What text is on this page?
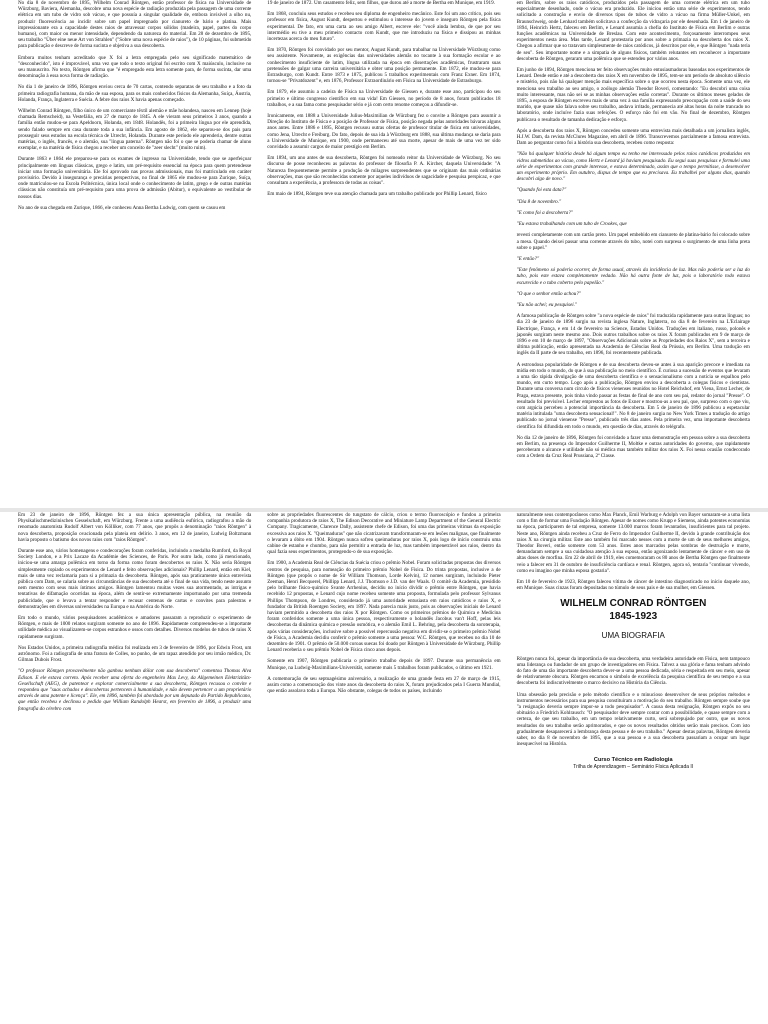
No dia 8 de novembro de 1895, Wilhelm Conrad Röntgen, então professor de física na Universidade de Würzburg, Baviera, Alemanha, descobre uma nova espécie de radiação produzida pela passagem de uma corrente elétrica em um tubo de vidro sob vácuo, e que possuía a singular qualidade de, embora invisível a olho nu, produzir fluorescência ao incidir sobre um papel impregnado por cianureto de bário e platina. Mais impressionante era a capacidade destes raios de atravessar corpos sólidos (madeira, papel, partes do corpo humano), com maior ou menor intensidade, dependendo da natureza do material. Em 28 de dezembro de 1895, seu trabalho "Über eine neue Art von Strahlen" ("Sobre uma nova espécie de raios"), de 10 páginas, foi submetido para publicação e descreve de forma sucinta e objetiva a sua descoberta.

Embora muitos tenham acreditado que X foi a letra empregada pelo seu significado matemático de "desconhecido", isto é improvável, uma vez que todo o texto original foi escrito com X maiúsculo, inclusive no seu manuscrito. No texto, Röntgen afirma que "é empregado esta letra somente para, de forma sucinta, dar uma denominação à essa nova forma de radiação.

No dia 1 de janeiro de 1896, Röntgen enviou cerca de 70 cartas, contendo separatas de seu trabalho e a foto da primeira radiografia humana, da mão de sua esposa, para os mais conhecidos físicos da Alemanha, Suíça, Áustria, Holanda, França, Inglaterra e Suécia. A febre dos raios X havia apenas começado.

Wilhelm Conrad Röntgen, filho único de um comerciante têxtil alemão e mãe holandesa, nasceu em Lennep (hoje chamada Remscheid), na Vestefália, em 27 de março de 1845. A ele vieram seus primeiros 3 anos, quando a família então mudou-se para Apeldoorn, Holanda, em 1848. Holandês, foi a primeira língua por ele aprendida, sendo falado sempre em casa durante toda a sua infância. Em agosto de 1862, ele separou-se dos pais para prosseguir seus estudos na escola técnica de Utrecht, Holanda. Durante este período ele aprenderia, dentre outras matérias, o inglês, francês, e o alemão, sua "língua paterna". Röntgen não foi o que se poderia chamar de aluno exemplar, e na matéria de física chegou a receber um conceito de "zeer slecht" (muito ruim).

Durante 1863 e 1864 ele preparou-se para os exames de ingresso na Universidade, tendo que se aperfeiçoar principalmente em línguas clássicas, grego e latim, um pré-requisito essencial na época para quem pretendesse iniciar uma formação universitária. Ele foi aprovado nas provas admissionais, mas foi matriculado em caráter provisório. Devido à insegurança e precárias perspectivas, no final de 1865 ele mudou-se para Zurique, Suíça, onde matriculou-se na Escola Politécnica, única local onde o conhecimento de latim, grego e de outras matérias clássicas não constituía um pré-requisito para uma prova de admissão (Abitur), o equivalente ao vestibular de nossos dias.

No ano de sua chegada em Zurique, 1866, ele conheceu Anna Bertha Ludwig, com quem se casou em

19 de janeiro de 1872. Um casamento feliz, sem filhos, que durou até a morte de Bertha em Munique, em 1919.

Em 1868, concluiu seus estudos e recebeu seu diploma de engenheiro mecânico. Este foi um ano crítico, pois seu professor em física, August Kundt, despertou e estimulou o interesse do jovem e inseguro Röntgen pela física experimental. De fato, em uma carta ao seu amigo Albert, escreve ele: "você ainda lembra, de que por seu intermédio eu tive a meu primeiro contacto com Kundt, que me introduziu na física e dissipou as minhas incertezas acerca do meu futuro".

Em 1870, Röntgen foi convidado por seu mentor, August Kundt, para trabalhar na Universidade Würzburg como seu assistente. Novamente, as exigências das universidades alemãs no tocante à sua formação escolar e ao conhecimento insuficiente de latim, língua utilizada na época em dissertações acadêmicas, frustraram suas pretensões de galgar uma carreira universitária e obter uma posição permanente. Em 1872, ele mudou-se para Estrasburgo, com Kundt. Entre 1873 e 1875, publicou 5 trabalhos experimentais com Franz Exner. Em 1874, tornou-se "Privatdozent" e, em 1876, Professor Extraordinário em Física na Universidade de Estrasburgo.

Em 1879, ele assumiu a cadeira de Física na Universidade de Giessen e, durante esse ano, participou do seu primeiro e último congresso científico em sua vida! Em Giessen, no período de 8 anos, foram publicados 18 trabalhos, e a sua fama como pesquisador sério e já com certo renome começou a difundir-se.

Ironicamente, em 1888 a Universidade Julius-Maximilian de Würzburg fez o convite a Röntgen para assumir a Direção do Instituto de Física e a posição de Professor de Física, posição negada pelas autoridades bávaras alguns anos antes. Entre 1886 e 1895, Röntgen recusou outras ofertas de professor titular de física em universidades, como Jena, Utrecht e Freiburg. Do fato, depois de sua ida à Würzburg em 1888, sua última mudança se daria para a Universidade de Munique, em 1900, onde permaneceu até sua morte, apesar de mais de uma vez ter sido convidado a assumir cargos de maior prestígio em Berlim.

Em 1894, um ano antes de sua descoberta, Röntgen foi nomeado reitor da Universidade de Würzburg. No seu discurso de posse reconheceu as palavras do professor de filosofia P. A. Kircher, daquela Universidade: "A Natureza frequentemente permite a produção de milagres surpreendentes que se originam das mais ordinárias observações, mas que são reconhecidas somente por aqueles indivíduos de sagacidade e pesquisa perspicaz, e que consultam a experiência, a professora de todas as coisas".

Em maio de 1894, Röntgen teve sua atenção chamada para um trabalho publicado por Phillip Lenard, físico

em Berlim, sobre os raios catódicos, produzidos pela passagem de uma corrente elétrica em um tubo especialmente desenhado, onde o vácuo era produzido. Ele iniciou então uma série de experimentos, tendo solicitado a construção e envio de diversos tipos de tubos de vidro a vácuo na firma Müller-Unkel, em Braunschweig, onde Lenhard também solicitava a confecção da vidraçaria por ele desenhada. Em 1 de janeiro de 1894, Heinrich Hertz, faleceu em Berlim, e Lenard assumia a chefia do Instituto de Física em Berlim e outras funções acadêmicas na Universidade de Breslau. Com este acontecimento, forçosamente interrompeu seus experimentos nesta área. Mas tarde, Lenard protestaria por anos sobre a primazia na descoberta dos raios X. Chegou a afirmar que so tratavam simplesmente de raios catódicos, já descritos por ele, e que Röntgen "nada teria de seu". Seu importante nome e a simpatia de alguns físicos, também relutantes em reconhecer a importante descoberta de Röntgen, geraram uma polêmica que se estendeu por vários anos.

Em junho de 1894, Röntgen menciona ter feito observações muito entusiasmadoras baseadas nos experimentos de Lenard. Desde então e até a descoberta dos raios X em novembro de 1895, tem-se um período de absoluto silêncio e mistério, pois não há qualquer menção mais específica sobre o que ocorreu nesta época. Somente uma vez, ele menciona seu trabalho ao seu amigo, o zoólogo alemão Theodor Boveri, comentando: "Eu descobri uma coisa muito interessante, mas não sei se as minhas observações estão corretas". Durante os últimos meses gelados de 1895, a esposa de Röntgen escreveu mais de uma vez à sua família expressando preocupação com a saúde do seu marido, que quase não falava sobre seu trabalho, andava irritado, permanecia até altas horas da noite trancado no laboratório, onde incluíve fazia suas refeições. O esforço não foi em vão. No final de dezembro, Röntgen publicava o resultado de tamanha dedicação e esforço.

Após a descoberta dos raios X, Röntgen concedeu somente uma entrevista mais detalhada a um jornalista inglês, H.J.W. Dam, da revista McClures Magazine, em abril de 1896. Transcrevemos parcialmente a famosa entrevista. Dam ao perguntar como foi a história sua descoberta, recebeu como resposta:

"Não há qualquer história desde há algum tempo eu tenho me interessado pelos raios catódicos produzidos em vidros submetidos ao vácuo, como Hertz e Lenard já haviam pesquisado. Eu segui suas pesquisas e formulei uma série de experimentos com grande interesse, e estava determinado, assim que o tempo permitisse, a desenvolver um experimento próprio. Em outubro, dispus de tempo que eu precisava. Eu trabalhei por alguns dias, quando descobri algo de novo."

"Quando foi esta data?"

"Dia 8 de novembro."

"E como foi a descoberta?"

"Eu estava trabalhando com um tubo de Crookes, que

revesti completamente com um cartão preto. Um papel embebido em cianureto de platina-bário foi colocado sobre a mesa. Quando deixei passar uma corrente através do tubo, notei com surpresa o surgimento de uma linha preta sobre o papel."

"E então?"

"Este fenômeno só poderia ocorrer, de forma usual, através da incidência de luz. Mas não poderia ser a luz do tubo, pois este estava completamente vedado. Não há outra fonte de luz, pois o laboratório todo estava escurecido e o tubo coberto pelo papelão."

"O que o senhor então achou?"

"Eu não achei; eu pesquisei."

A famosa publicação de Röntgen sobre "a nova espécie de raios" foi traduzida rapidamente para outras línguas; no dia 23 de janeiro de 1896 surgiu na revista inglesa Nature, Inglaterra, no dia 8 de fevereiro na L'Eclairage Electrique, França, e em 14 de fevereiro na Science, Estados Unidos. Traduções em italiano, russo, polonês e japonês surgiram neste mesmo ano. Dois outros trabalhos sobre os raios X foram publicados em 9 de março de 1896 e em 10 de março de 1897, "Observações Adicionais sobre as Propriedades dos Raios X", sem a terceira e última publicação, então apresentada na Academia de Ciências Real da Prússia, em Berlim. Uma tradução em inglês da II parte de seu trabalho, em 1896, foi recentemente publicada.

A estrondosa popularidade de Röntgen e de sua descoberta deveu-se antes à sua aparição precoce e imediata na mídia em todo o mundo, do que à sua publicação no meio científico. É curiosa a sucessão de eventos que levaram a uma tão rápida divulgação de uma descoberta científica e o sensacionalismo com a notícia se espalhou pelo mundo, em curto tempo. Logo após a publicação, Röntgen enviou a descoberta a colegas físicos e cientistas. Durante uma conversa num círculo de físicos vienenses reunidos no Hotel Reichshof, em Viena, Ernst Lecher, de Praga, estava presente, pois tinha vindo passar as festas de final de ano com seu pai, redator do jornal "Presse". O resultado foi previsível. Lecher emprestou as fotos de Exner e mostrou-as a seu pai, que, surpreso com o que viu, com argúcia percebeu a potencial importância da descoberta. Em 5 de janeiro de 1896 publicou a espetacular matéria intitulada "uma descoberta sensacional!". No 8 de janeiro surgia no New York Times a tradução do artigo publicado no jornal vienense "Presse", publicado três dias antes. Pela primeira vez, uma importante descoberta científica foi difundida em todo o mundo, em questão de dias, através do telégrafo.

No dia 12 de janeiro de 1896, Röntgen foi convidado a fazer uma demonstração em pessoa sobre a sua descoberta em Berlim, na presença do Imperador Guilherme II, Moltke e outras autoridades do governo, que rapidamente perceberam o alcance e utilidade não só médica mas também militar dos raios X. Foi nessa ocasião condecorado com a Ordem da Cruz Real Prussiana, 2ª Classe.

Em 23 de janeiro de 1896, Röntgen fez a sua única apresentação pública, na reunião da Physikalischmedizinischen Gesselschaft, em Würzburg. Frente a uma audiência eufórica, radiografou a mão do renomado anatomista Rudolf Albert von Kölliker, com 77 anos, que propôs a denominação "raios Röntgen" à nova descoberta, proposição ovacionada pela plateia em delírio. 3 anos, em 12 de janeiro, Ludwig Boltzmann havia proposto o batismo dos novos raios com "raios Röntgen".

Durante esse ano, vários homenagens e condecorações foram conferidas, incluindo a medalha Rumford, da Royal Society London, e a Prix Lacaze da Académie des Sciences, de Paris. Por outro lado, como já mencionado, iniciou-se uma amarga polêmica em torno da forma como foram descobertos os raios X. Não seria Röntgen simplesmente copiado os experimentos de Lenard e feito observações adicionais? Phillip Lenard, então em Kiel, mais de uma vez reclamaria para si a primazia da descoberta. Röntgen, após sua praticamente única entrevista pública com Dam, se calaria sobre as circunstâncias de sua descoberta até o final de sua vida, tendo neste assunto nem mesmo com seus mais íntimos amigos. Röntgen lamentou muitas vezes sua atormentado, as intrigas e tentativas de difamação ocorridas na época, além de sentir-se extremamente importunado por uma tremenda publicidade, que o levava a tentar responder e recusar centenas de cartas e convites para palestras e demonstrações em diversas universidades na Europa e na América do Norte.

Em todo o mundo, vários pesquisadores acadêmicos e amadores passaram a reproduzir o experimento de Röntgen, e mais de 1000 relatos surgiram somente no ano de 1896. Rapidamente compreendeu-se a importante utilidade médica ao visualizarem-se corpos estranhos e ossos com detalhes. Diversos modelos de tubos de raios X rapidamente surgiram.

Nos Estados Unidos, a primeira radiografia médica foi realizada em 3 de fevereiro de 1896, por Edwin Frost, um astrônomo. Foi a radiografia de uma fratura de Colles, no punho, de um rapaz atendido por seu irmão médico, Dr. Gilman Dubois Frost.

"O professor Röntgen provavelmente não ganhou nenhum dólar com sua descoberta" comentou Thomas Alva Edison. E ele estava correto. Após receber uma oferta do engenheiro Max Levy, da Allgemeinen Elektrizitäts-Gesellschaft (AEG), de patentear e explorar comercialmente a sua descoberta, Röntgen recusou o convite e respondeu que "suas achados e descobertas pertencem à humanidade, e não devem pertencer a um proprietário através de uma patente e licença". Ele, em 1896, também foi abordado por um deputado do Partido Republicano, que então recebeu e declinou o pedido que William Randolph Hearst, em fevereiro de 1896, a produzir uma fotografia do cérebro com

sobre as propriedades fluorescentes do tungstato de cálcio, criou o termo fluoroscópio e fundou a primeira companhia produtora de raios X, The Edison Decorative and Miniature Lamp Department of the General Electric Company. Tragicamente, Clarence Dally, assistente chefe de Edison, foi uma das primeiras vítimas da exposição excessiva aos raios X. "Queimaduras" que não cicatrizavam transformaram-se em lesões malignas, que finalmente o levaram a óbito em 1904. Röntgen nunca sofreu queimaduras por raios X, pois logo de início construiu uma cabine de estanho e chumbo, para não permitir a entrada de luz, mas também impenetrável aos raios, dentro da qual fazia seus experimentos, protegendo-o de sua exposição.

Em 1900, a Academia Real de Ciências da Suécia criou o prêmio Nobel. Foram solicitadas propostas dos diversos centros de pesquisa, para nomeação do primeiro prêmio Nobel de Física. Do trinta propostas, inclusive a de Röntgen (que propôs o nome de Sir William Thomson, Lorde Kelvin), 12 nomes surgiram, incluindo Pieter Zeeman, Henri Becquerel, Phillipp Lenard, J.J. Thomson e J.D. van der Waals. O comitê da Academia, presidido pelo brilhante físico-químico Svante Arrhenius, decidiu no início dividir o prêmio entre Röntgen, que havia recebido 12 propostas, e Lenard cujo nome recebeu somente uma proposta, formulada pelo professor Sylvanus Phillips Thompson, de Londres, considerado já uma autoridade entusiasta em raios catódicos e raios X, e fundador da British Roentgen Society, em 1897. Nada parecia mais justo, pois as observações iniciais de Lenard haviam permitido a descoberta dos raios X por Röntgen. Como os primeiros prêmios de Química e Medicina foram conferidos somente a uma única pessoa, respectivamente o holandês Jacobus van't Hoff, pelas leis descobertas da dinâmica química e pressão osmótica, e o alemão Emil L. Behring, pela descoberta da soroterapia, após várias considerações, inclusive sobre a possível repercussão negativa em dividir-se o primeiro prêmio Nobel de Física, a Academia decidiu conferir o prêmio somente a uma pessoa: W.C. Röntgen, que recebeu no dia 10 de dezembro de 1901. O prêmio de 50.000 coroas suecas foi doado por Röntgen à Universidade de Würzburg. Phillip Lenard receberia o seu prêmio Nobel de Física cinco anos depois.

Somente em 1907, Röntgen publicaria o primeiro trabalho depois de 1897. Durante sua permanência em Munique, na Ludwig-Maximilians-Universität, somente mais 5 trabalhos foram publicados, o último em 1921.

A comemoração de seu septuagésimo aniversário, a realização de uma grande festa em 27 de março de 1915, assim como a comemoração dos vinte anos da descoberta do raios X, foram prejudicados pela I Guerra Mundial, que então assolava toda a Europa. Não obstante, colegas de todos os países, incluindo

naturalmente seus contemporâneos como Max Planck, Emil Warburg e Adolph von Bayer somaram-se a uma lista com o fim de formar uma Fundação Röntgen. Apesar de nomes como Krupp e Siemens, ainda potentes economias na época, participarem de tal empresa, somente 13.000 marcos foram levantados, insuficientes para tal projeto. Neste ano, Röntgen ainda recebeu a Cruz de Ferro do Imperador Guilherme II, devido à grande contribuição dos raios X na cirurgia militar. Este ano também foi marcado nesses com a morte de um de seus melhores amigos, Theodor Boveri, então somente com 53 anos. Estes anos marcados pelas sombras de destruição e morte, demandaram sempre a sua cuidadosa atenção à sua esposa, então agonizando lentamente de câncer e em uso de altas doses de morfina. Em 22 de abril de 1919, eles comemoraram os 80 anos de Bertha Röntgen que finalmente veio a falecer em 31 de outubro de insuficiência cardíaca e renal. Röntgen, agora só, tentaria "continuar vivendo, como eu imagino que minha esposa gostaria".

Em 10 de fevereiro de 1923, Röntgen faleceu vítima de câncer de intestino diagnosticado no início daquele ano, em Munique. Suas cinzas foram depositadas no túmulo de seus pais e de sua mulher, em Giessen.

WILHELM CONRAD RÖNTGEN
1845-1923
UMA BIOGRAFIA

Röntgen nunca foi, apesar da importância de sua descoberta, uma verdadeira autoridade em Física, nem tampouco uma liderança ou fundador de um grupo de investigadores em Física. Talvez a sua glória e fama tenham advindo do fato de uma tão importante descoberta dever-se a uma pessoa dedicada, séria e respeitada em seu meio, apesar de relativamente obscura. Röntgen encarnou o símbolo de excelência da pesquisa científica de seu tempo e a sua descoberta foi indiscutivelmente o marco decisivo na História da Ciência.

Uma obsessão pela precisão e pelo método científico e o minucioso desenvolver de seus próprios métodos e instrumentos necessários para sua pesquisa constituíram a motivação do seu trabalho. Röntgen sempre soube que "a resignação deveria sempre impor-se a todo pesquisador". A causa desta resignação, Röntgen expôs no seu obituário a Friedrich Kohlrausch: "O pesquisador deve sempre contar com a possibilidade, e quase sempre com a certeza, de que seu trabalho, em um tempo relativamente curto, será sobrepujado por outro, que os novos resultados do seu trabalho serão aprimorados, e que os novos resultados obtidos serão mais precisos. Com isto gradualmente desaparecerá a lembrança desta pessoa e de seu trabalho." Apesar destas palavras, Röntgen deveria saber, no dia 8 de novembro de 1895, que a sua pessoa e a sua descoberta passariam a ocupar um lugar inesquecível na História.

Curso Técnico em Radiologia
Trilha de Aprendizagem – Seminário Física Aplicada II
